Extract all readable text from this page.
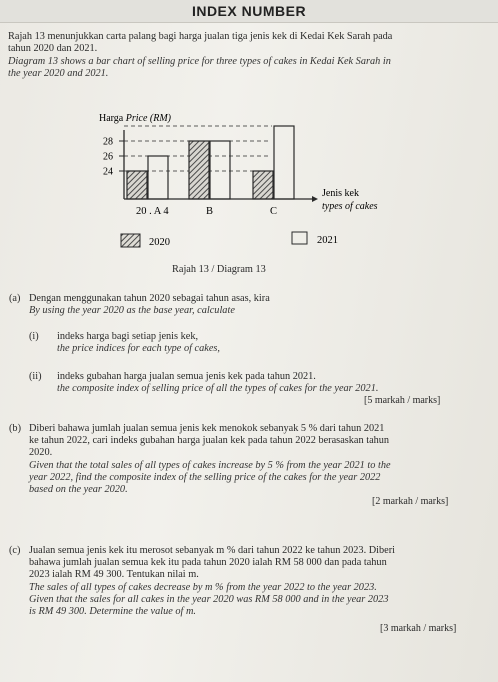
INDEX NUMBER
Rajah 13 menunjukkan carta palang bagi harga jualan tiga jenis kek di Kedai Kek Sarah pada
tahun 2020 dan 2021.
Diagram 13 shows a bar chart of selling price for three types of cakes in Kedai Kek Sarah in
the year 2020 and 2021.
Harga Price (RM)
24
26
28
Jenis kek
types of cakes
20 . A 4	B	C
2020	2021
Rajah 13 / Diagram 13
(a) Dengan menggunakan tahun 2020 sebagai tahun asas, kira
By using the year 2020 as the base year, calculate
(i) indeks harga bagi setiap jenis kek,
the price indices for each type of cakes,
(ii) indeks gubahan harga jualan semua jenis kek pada tahun 2021.
the composite index of selling price of all the types of cakes for the year 2021.
[5 markah / marks]
(b) Diberi bahawa jumlah jualan semua jenis kek menokok sebanyak 5 % dari tahun 2021
ke tahun 2022, cari indeks gubahan harga jualan kek pada tahun 2022 berasaskan tahun
2020.
Given that the total sales of all types of cakes increase by 5 % from the year 2021 to the
year 2022, find the composite index of the selling price of the cakes for the year 2022
based on the year 2020.
[2 markah / marks]
(c) Jualan semua jenis kek itu merosot sebanyak m % dari tahun 2022 ke tahun 2023. Diberi
bahawa jumlah jualan semua kek itu pada tahun 2020 ialah RM 58 000 dan pada tahun
2023 ialah RM 49 300. Tentukan nilai m.
The sales of all types of cakes decrease by m % from the year 2022 to the year 2023.
Given that the sales for all cakes in the year 2020 was RM 58 000 and in the year 2023
is RM 49 300. Determine the value of m.
[3 markah / marks]
